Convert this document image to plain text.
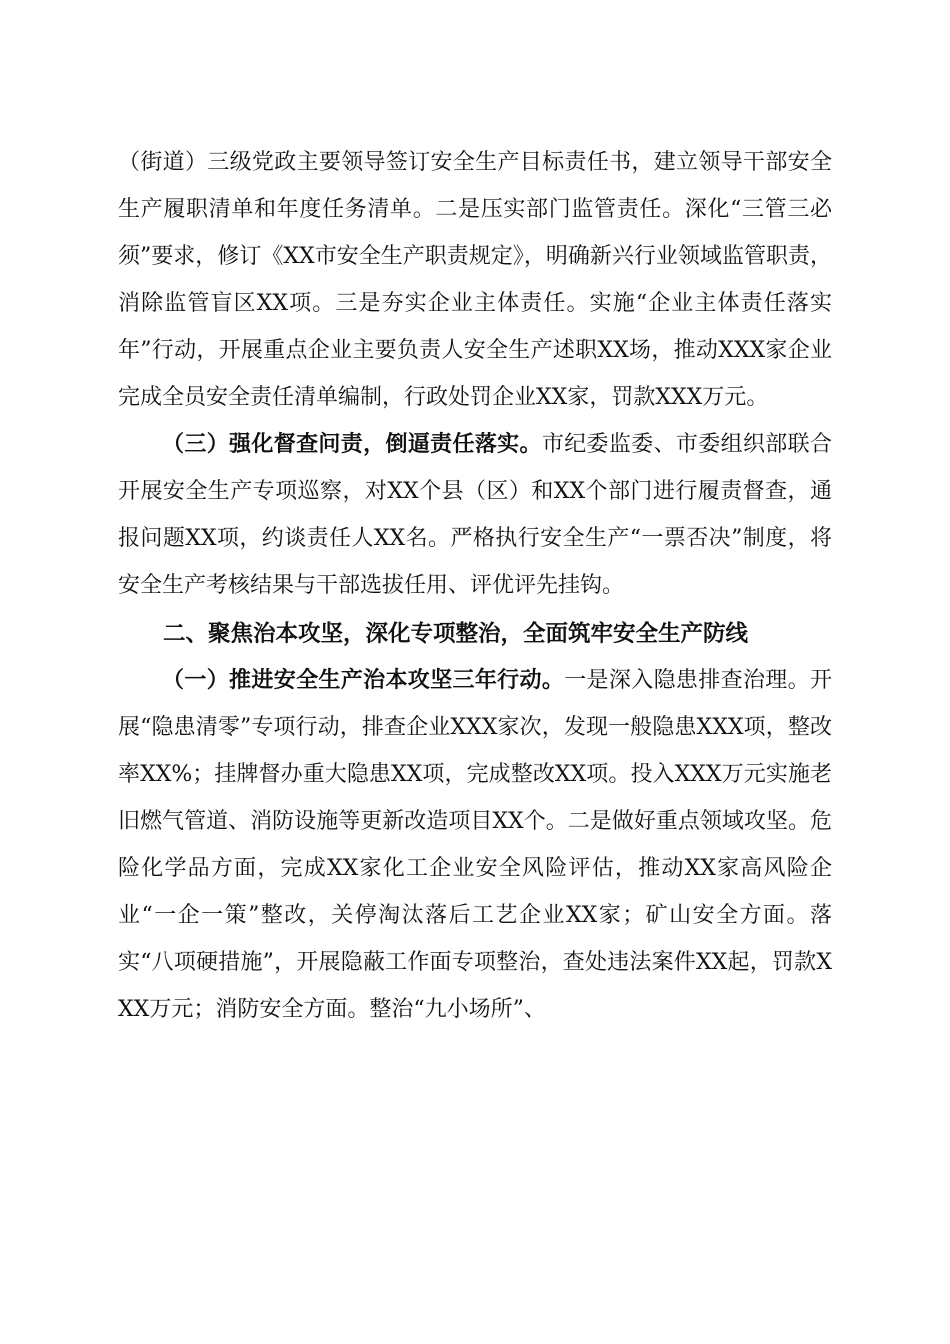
（街道）三级党政主要领导签订安全生产目标责任书，建立领导干部安全生产履职清单和年度任务清单。二是压实部门监管责任。深化“三管三必须”要求，修订《XX市安全生产职责规定》，明确新兴行业领域监管职责，消除监管盲区XX项。三是夯实企业主体责任。实施“企业主体责任落实年”行动，开展重点企业主要负责人安全生产述职XX场，推动XXX家企业完成全员安全责任清单编制，行政处罚企业XX家，罚款XXX万元。

（三）强化督查问责，倒逼责任落实。市纪委监委、市委组织部联合开展安全生产专项巡察，对XX个县（区）和XX个部门进行履责督查，通报问题XX项，约谈责任人XX名。严格执行安全生产“一票否决”制度，将安全生产考核结果与干部选拔任用、评优评先挂钩。

二、聚焦治本攻坚，深化专项整治，全面筑牢安全生产防线

（一）推进安全生产治本攻坚三年行动。一是深入隐患排查治理。开展“隐患清零”专项行动，排查企业XXX家次，发现一般隐患XXX项，整改率XX%；挂牌督办重大隐患XX项，完成整改XX项。投入XXX万元实施老旧燃气管道、消防设施等更新改造项目XX个。二是做好重点领域攻坚。危险化学品方面，完成XX家化工企业安全风险评估，推动XX家高风险企业“一企一策”整改，关停淘汰落后工艺企业XX家；矿山安全方面。落实“八项硬措施”，开展隐蔽工作面专项整治，查处违法案件XX起，罚款XXX万元；消防安全方面。整治“九小场所”、
